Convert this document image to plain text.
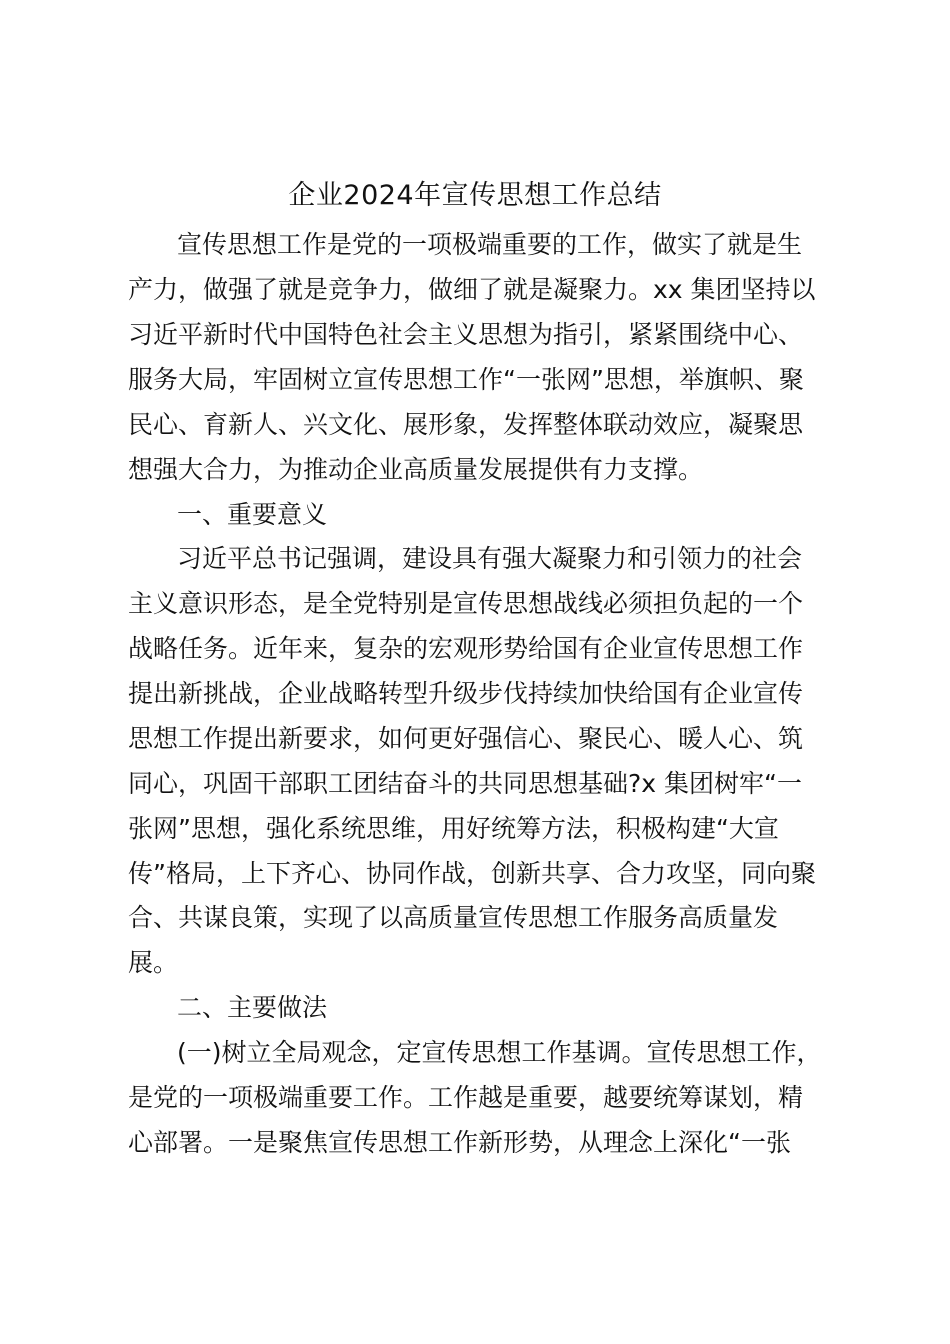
企业2024年宣传思想工作总结
宣传思想工作是党的一项极端重要的工作，做实了就是生
产力，做强了就是竞争力，做细了就是凝聚力。xx 集团坚持以
习近平新时代中国特色社会主义思想为指引，紧紧围绕中心、
服务大局，牢固树立宣传思想工作“一张网”思想，举旗帜、聚
民心、育新人、兴文化、展形象，发挥整体联动效应，凝聚思
想强大合力，为推动企业高质量发展提供有力支撑。
一、重要意义
习近平总书记强调，建设具有强大凝聚力和引领力的社会
主义意识形态，是全党特别是宣传思想战线必须担负起的一个
战略任务。近年来，复杂的宏观形势给国有企业宣传思想工作
提出新挑战，企业战略转型升级步伐持续加快给国有企业宣传
思想工作提出新要求，如何更好强信心、聚民心、暖人心、筑
同心，巩固干部职工团结奋斗的共同思想基础?x 集团树牢“一
张网”思想，强化系统思维，用好统筹方法，积极构建“大宣
传”格局，上下齐心、协同作战，创新共享、合力攻坚，同向聚
合、共谋良策，实现了以高质量宣传思想工作服务高质量发
展。
二、主要做法
(一)树立全局观念，定宣传思想工作基调。宣传思想工作，
是党的一项极端重要工作。工作越是重要，越要统筹谋划，精
心部署。一是聚焦宣传思想工作新形势，从理念上深化“一张
